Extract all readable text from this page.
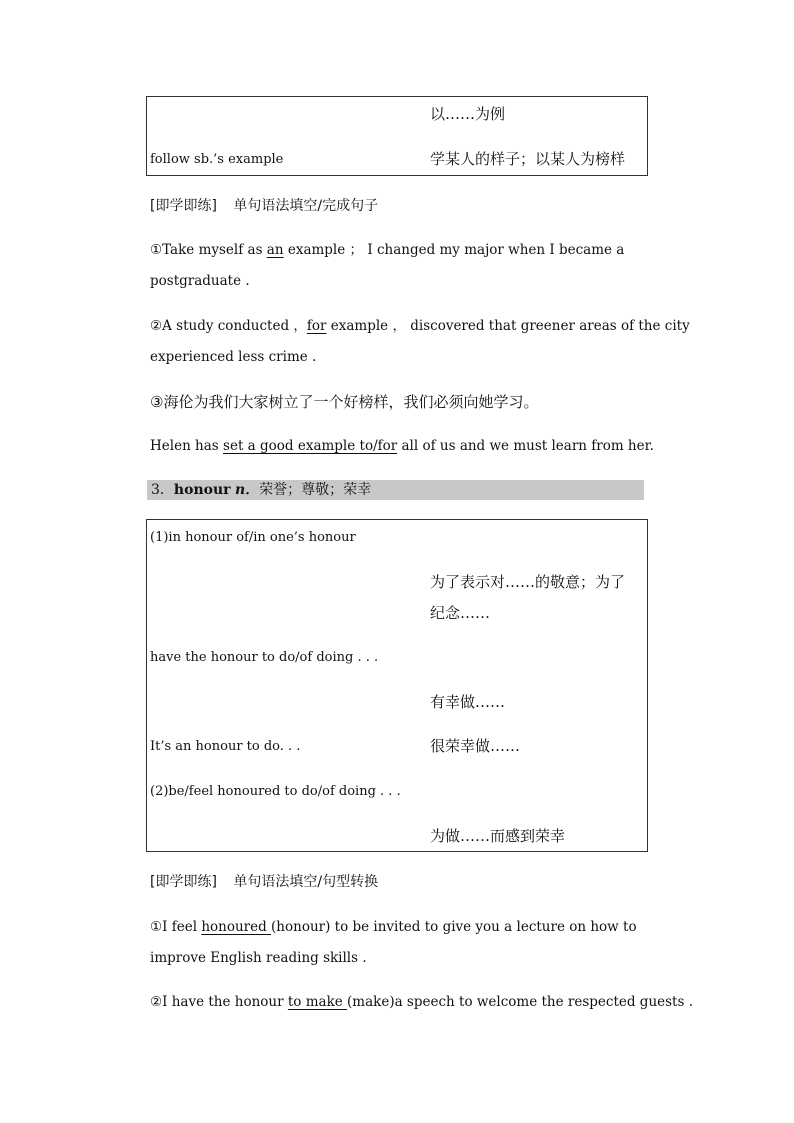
以……为例
follow sb.’s example	学某人的样子；以某人为榜样
[即学即练] 单句语法填空/完成句子
①Take myself as an example ； I changed my major when I became a
postgraduate .
②A study conducted ，for example ， discovered that greener areas of the city
experienced less crime .
③海伦为我们大家树立了一个好榜样，我们必须向她学习。
Helen has set a good example to/for all of us and we must learn from her.
3．honour n．荣誉；尊敬；荣幸
(1)in honour of/in one’s honour
为了表示对……的敬意；为了
纪念……
have the honour to do/of doing . . .
有幸做……
It’s an honour to do. . .	很荣幸做……
(2)be/feel honoured to do/of doing . . .
为做……而感到荣幸
[即学即练] 单句语法填空/句型转换
①I feel honoured (honour) to be invited to give you a lecture on how to
improve English reading skills .
②I have the honour to make (make)a speech to welcome the respected guests .
